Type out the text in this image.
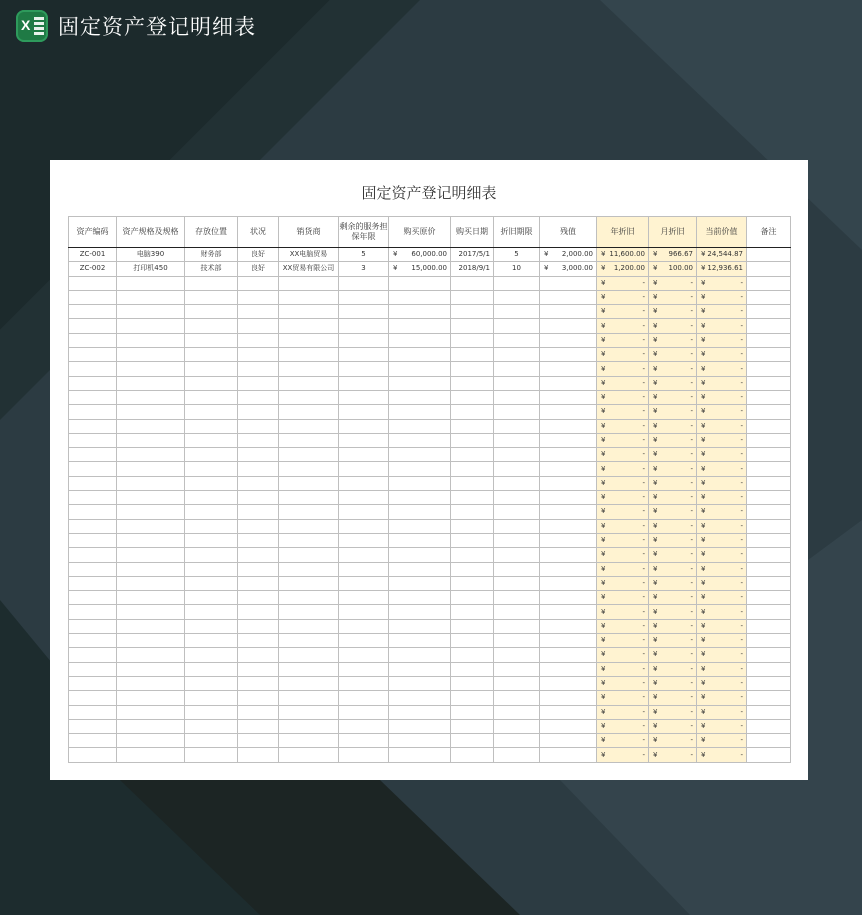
X 固定资产登记明细表
固定资产登记明细表
资产编码	资产规格及规格	存放位置	状况	销货商	剩余的服务担保年限	购买原价	购买日期	折旧期限	残值	年折旧	月折旧	当前价值	备注
ZC-001	电脑390	财务部	良好	XX电脑贸易	5	¥ 60,000.00	2017/5/1	5	¥ 2,000.00	¥ 11,600.00	¥ 966.67	¥ 24,544.87	

ZC-002	打印机450	技术部	良好	XX贸易有限公司	3	¥ 15,000.00	2018/9/1	10	¥ 3,000.00	¥ 1,200.00	¥ 100.00	¥ 12,936.61	

										¥ -	¥ -	¥ -	

										¥ -	¥ -	¥ -	

										¥ -	¥ -	¥ -	

										¥ -	¥ -	¥ -	

										¥ -	¥ -	¥ -	

										¥ -	¥ -	¥ -	

										¥ -	¥ -	¥ -	

										¥ -	¥ -	¥ -	

										¥ -	¥ -	¥ -	

										¥ -	¥ -	¥ -	

										¥ -	¥ -	¥ -	

										¥ -	¥ -	¥ -	

										¥ -	¥ -	¥ -	

										¥ -	¥ -	¥ -	

										¥ -	¥ -	¥ -	

										¥ -	¥ -	¥ -	

										¥ -	¥ -	¥ -	

										¥ -	¥ -	¥ -	

										¥ -	¥ -	¥ -	

										¥ -	¥ -	¥ -	

										¥ -	¥ -	¥ -	

										¥ -	¥ -	¥ -	

										¥ -	¥ -	¥ -	

										¥ -	¥ -	¥ -	

										¥ -	¥ -	¥ -	

										¥ -	¥ -	¥ -	

										¥ -	¥ -	¥ -	

										¥ -	¥ -	¥ -	

										¥ -	¥ -	¥ -	

										¥ -	¥ -	¥ -	

										¥ -	¥ -	¥ -	

										¥ -	¥ -	¥ -	

										¥ -	¥ -	¥ -	

										¥ -	¥ -	¥ -	
